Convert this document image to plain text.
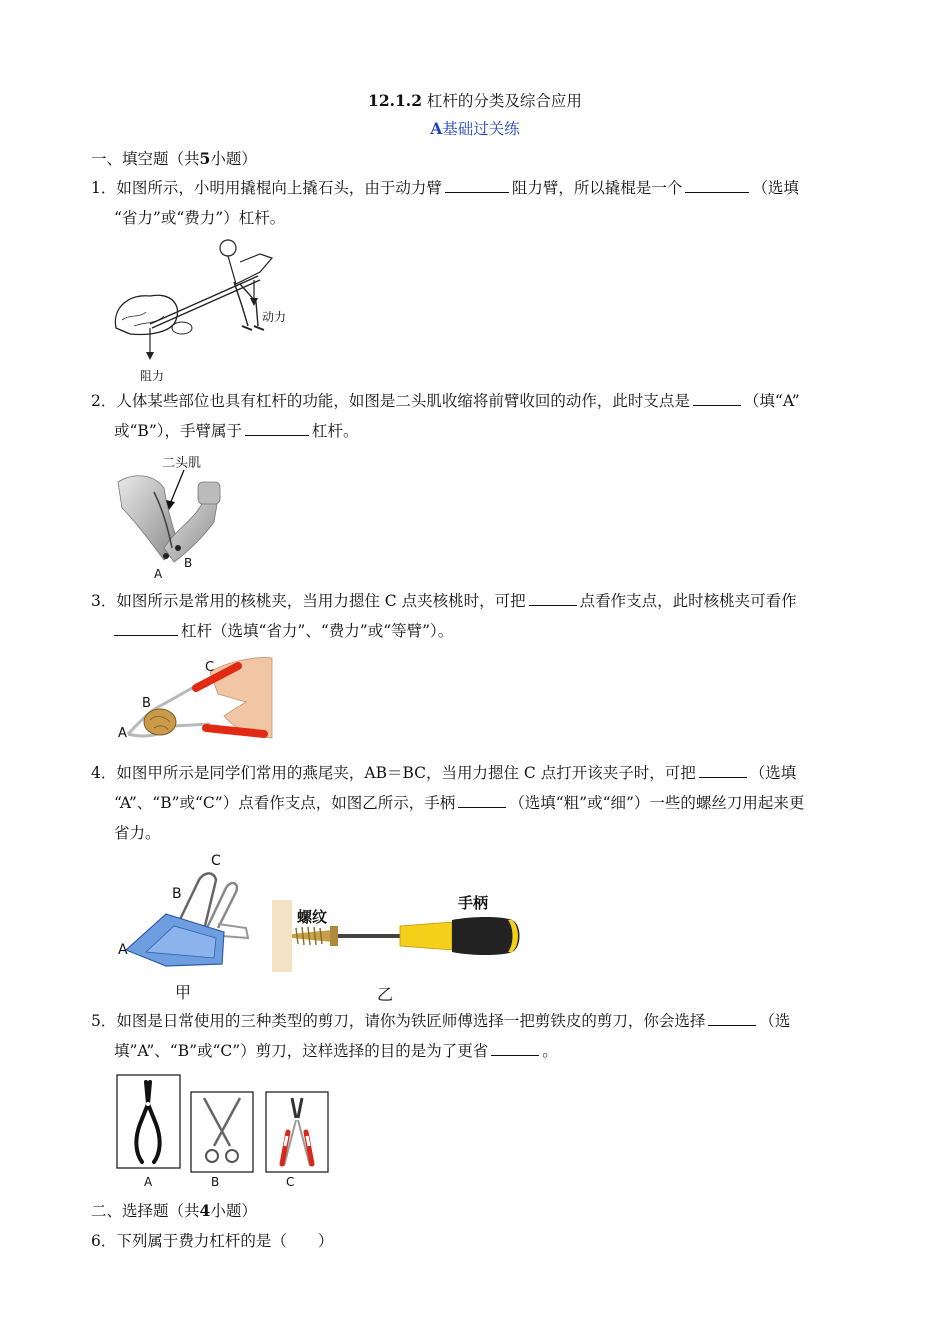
12.1.2 杠杆的分类及综合应用
A基础过关练
一、填空题（共5小题）
1．如图所示，小明用撬棍向上撬石头，由于动力臂	阻力臂，所以撬棍是一个	（选填
“省力”或“费力”）杠杆。
动力
阻力
2．人体某些部位也具有杠杆的功能，如图是二头肌收缩将前臂收回的动作，此时支点是	（填“A”
或“B”），手臂属于	杠杆。
二头肌
A
B
3．如图所示是常用的核桃夹，当用力摁住 C 点夹核桃时，可把	点看作支点，此时核桃夹可看作
杠杆（选填“省力”、“费力”或“等臂”）。
C
B
A
4．如图甲所示是同学们常用的燕尾夹，AB＝BC，当用力摁住 C 点打开该夹子时，可把	（选填
“A”、“B”或“C”）点看作支点，如图乙所示，手柄	（选填“粗”或“细”）一些的螺丝刀用起来更
省力。
C
B
A
甲
螺纹
手柄
乙
5．如图是日常使用的三种类型的剪刀，请你为铁匠师傅选择一把剪铁皮的剪刀，你会选择	（选
填”A”、“B”或“C”）剪刀，这样选择的目的是为了更省	。
A	B	C
二、选择题（共4小题）
6．下列属于费力杠杆的是（　　）
